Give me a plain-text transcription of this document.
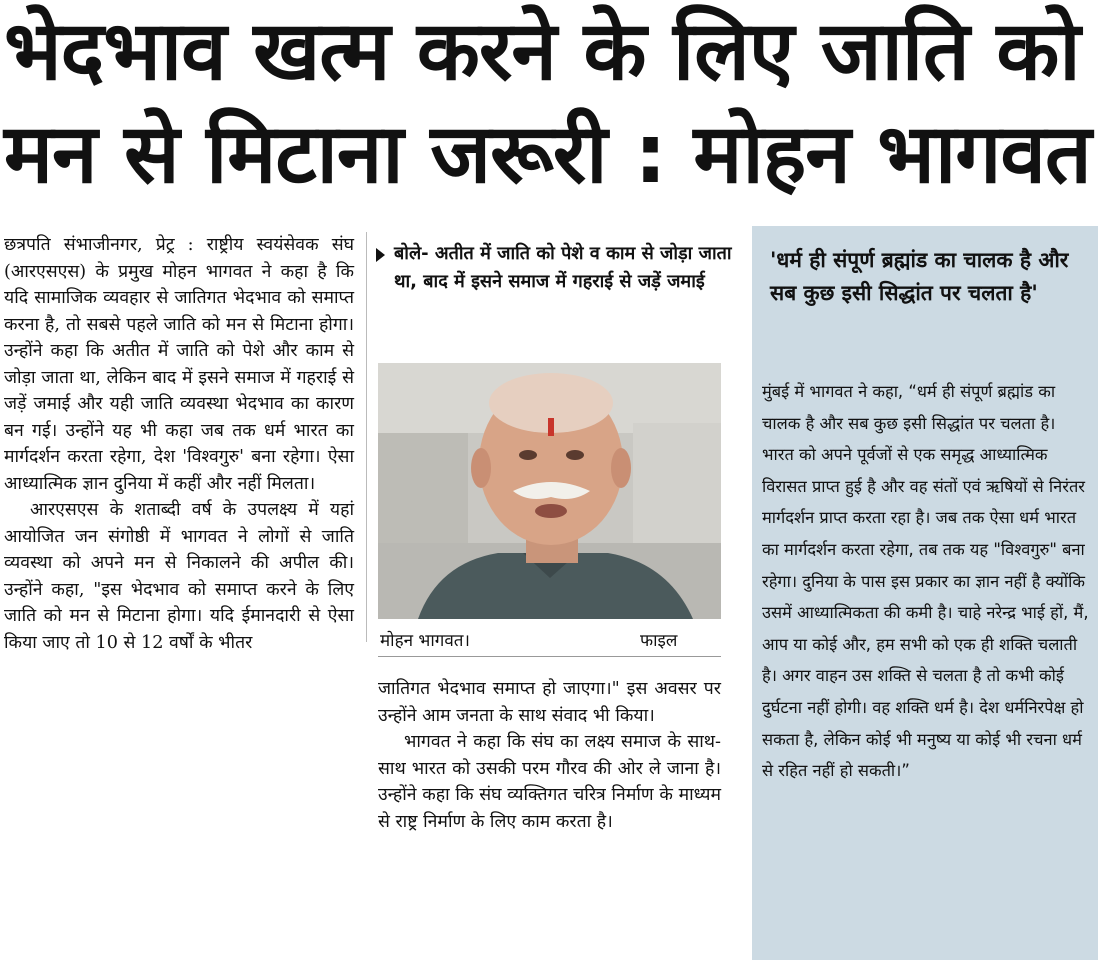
भेदभाव खत्म करने के लिए जाति को
मन से मिटाना जरूरी : मोहन भागवत

छत्रपति संभाजीनगर, प्रेट्र : राष्ट्रीय स्वयंसेवक संघ (आरएसएस) के प्रमुख मोहन भागवत ने कहा है कि यदि सामाजिक व्यवहार से जातिगत भेदभाव को समाप्त करना है, तो सबसे पहले जाति को मन से मिटाना होगा। उन्होंने कहा कि अतीत में जाति को पेशे और काम से जोड़ा जाता था, लेकिन बाद में इसने समाज में गहराई से जड़ें जमाई और यही जाति व्यवस्था भेदभाव का कारण बन गई। उन्होंने यह भी कहा जब तक धर्म भारत का मार्गदर्शन करता रहेगा, देश 'विश्वगुरु' बना रहेगा। ऐसा आध्यात्मिक ज्ञान दुनिया में कहीं और नहीं मिलता।

आरएसएस के शताब्दी वर्ष के उपलक्ष्य में यहां आयोजित जन संगोष्ठी में भागवत ने लोगों से जाति व्यवस्था को अपने मन से निकालने की अपील की। उन्होंने कहा, "इस भेदभाव को समाप्त करने के लिए जाति को मन से मिटाना होगा। यदि ईमानदारी से ऐसा किया जाए तो 10 से 12 वर्षों के भीतर

बोले- अतीत में जाति को पेशे व काम से जोड़ा जाता था, बाद में इसने समाज में गहराई से जड़ें जमाई
मोहन भागवत।	फाइल

जातिगत भेदभाव समाप्त हो जाएगा।" इस अवसर पर उन्होंने आम जनता के साथ संवाद भी किया।

भागवत ने कहा कि संघ का लक्ष्य समाज के साथ-साथ भारत को उसकी परम गौरव की ओर ले जाना है। उन्होंने कहा कि संघ व्यक्तिगत चरित्र निर्माण के माध्यम से राष्ट्र निर्माण के लिए काम करता है।

'धर्म ही संपूर्ण ब्रह्मांड का चालक है और सब कुछ इसी सिद्धांत पर चलता है'
मुंबई में भागवत ने कहा, “धर्म ही संपूर्ण ब्रह्मांड का चालक है और सब कुछ इसी सिद्धांत पर चलता है। भारत को अपने पूर्वजों से एक समृद्ध आध्यात्मिक विरासत प्राप्त हुई है और वह संतों एवं ऋषियों से निरंतर मार्गदर्शन प्राप्त करता रहा है। जब तक ऐसा धर्म भारत का मार्गदर्शन करता रहेगा, तब तक यह "विश्वगुरु" बना रहेगा। दुनिया के पास इस प्रकार का ज्ञान नहीं है क्योंकि उसमें आध्यात्मिकता की कमी है। चाहे नरेन्द्र भाई हों, मैं, आप या कोई और, हम सभी को एक ही शक्ति चलाती है। अगर वाहन उस शक्ति से चलता है तो कभी कोई दुर्घटना नहीं होगी। वह शक्ति धर्म है। देश धर्मनिरपेक्ष हो सकता है, लेकिन कोई भी मनुष्य या कोई भी रचना धर्म से रहित नहीं हो सकती।”
